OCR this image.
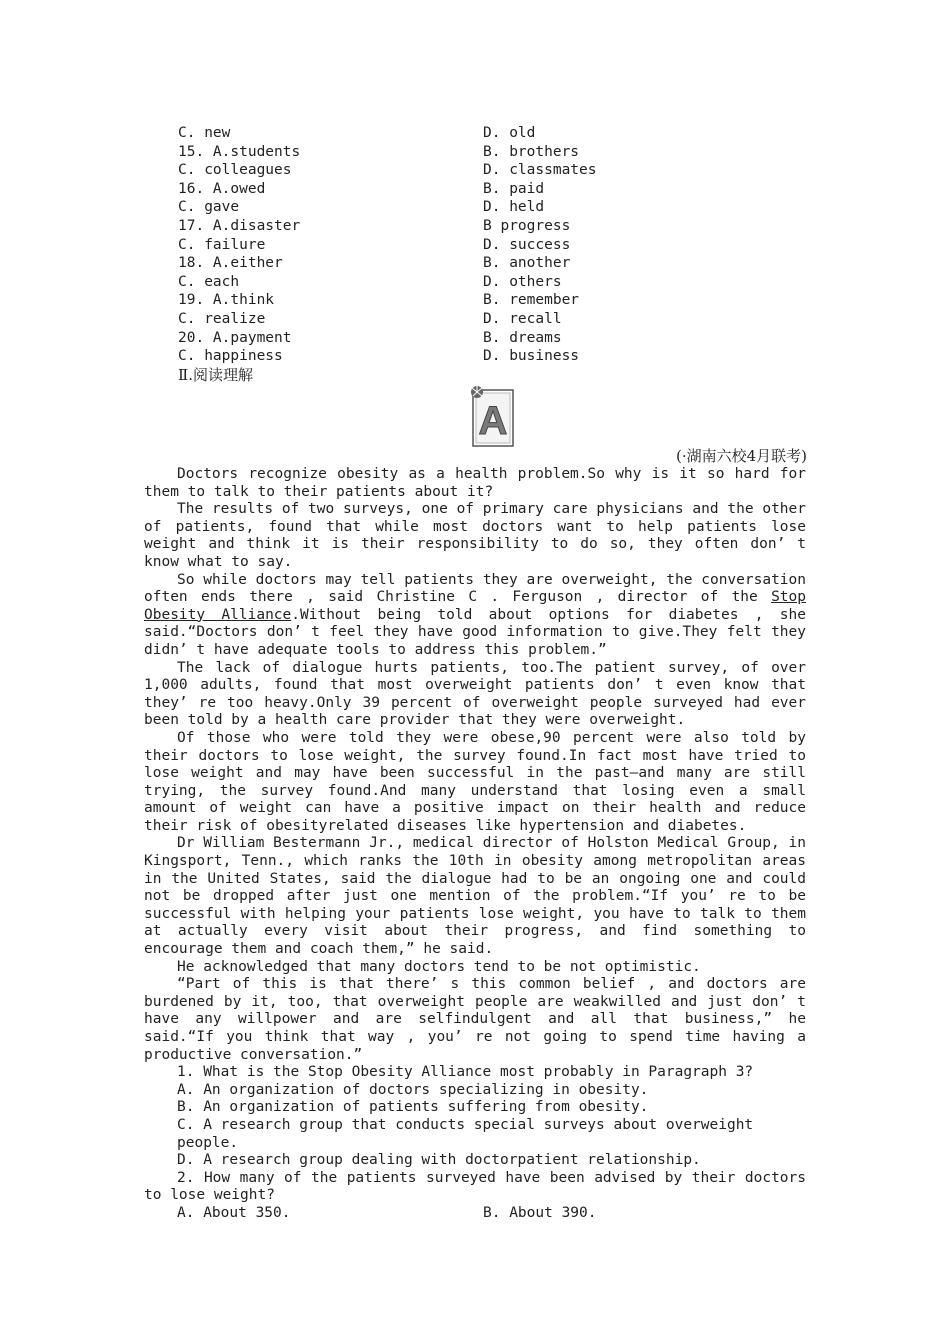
C. new	D. old
15. A.students	B. brothers
C. colleagues	D. classmates
16. A.owed	B. paid
C. gave	D. held
17. A.disaster	B progress
C. failure	D. success
18. A.either	B. another
C. each	D. others
19. A.think	B. remember
C. realize	D. recall
20. A.payment	B. dreams
C. happiness	D. business
Ⅱ.阅读理解
A
(·湖南六校4月联考)

Doctors recognize obesity as a health problem.So why is it so hard for them to talk to their patients about it?

The results of two surveys, one of primary care physicians and the other of patients, found that while most doctors want to help patients lose weight and think it is their responsibility to do so, they often don’ t know what to say.

So while doctors may tell patients they are overweight, the conversation often ends there , said Christine C . Ferguson , director of the Stop Obesity Alliance.Without being told about options for diabetes , she said.“Doctors don’ t feel they have good information to give.They felt they didn’ t have adequate tools to address this problem.”

The lack of dialogue hurts patients, too.The patient survey, of over 1,000 adults, found that most overweight patients don’ t even know that they’ re too heavy.Only 39 percent of overweight people surveyed had ever been told by a health care provider that they were overweight.

Of those who were told they were obese,90 percent were also told by their doctors to lose weight, the survey found.In fact most have tried to lose weight and may have been successful in the past—and many are still trying, the survey found.And many understand that losing even a small amount of weight can have a positive impact on their health and reduce their risk of obesityrelated diseases like hypertension and diabetes.

Dr William Bestermann Jr., medical director of Holston Medical Group, in Kingsport, Tenn., which ranks the 10th in obesity among metropolitan areas in the United States, said the dialogue had to be an ongoing one and could not be dropped after just one mention of the problem.“If you’ re to be successful with helping your patients lose weight, you have to talk to them at actually every visit about their progress, and find something to encourage them and coach them,” he said.

He acknowledged that many doctors tend to be not optimistic.

“Part of this is that there’ s this common belief , and doctors are burdened by it, too, that overweight people are weakwilled and just don’ t have any willpower and are selfindulgent and all that business,” he said.“If you think that way , you’ re not going to spend time having a productive conversation.”

1. What is the Stop Obesity Alliance most probably in Paragraph 3?
A. An organization of doctors specializing in obesity.
B. An organization of patients suffering from obesity.
C. A research group that conducts special surveys about overweight people.
D. A research group dealing with doctorpatient relationship.
2. How many of the patients surveyed have been advised by their doctors to lose weight?
A. About 350.	B. About 390.
